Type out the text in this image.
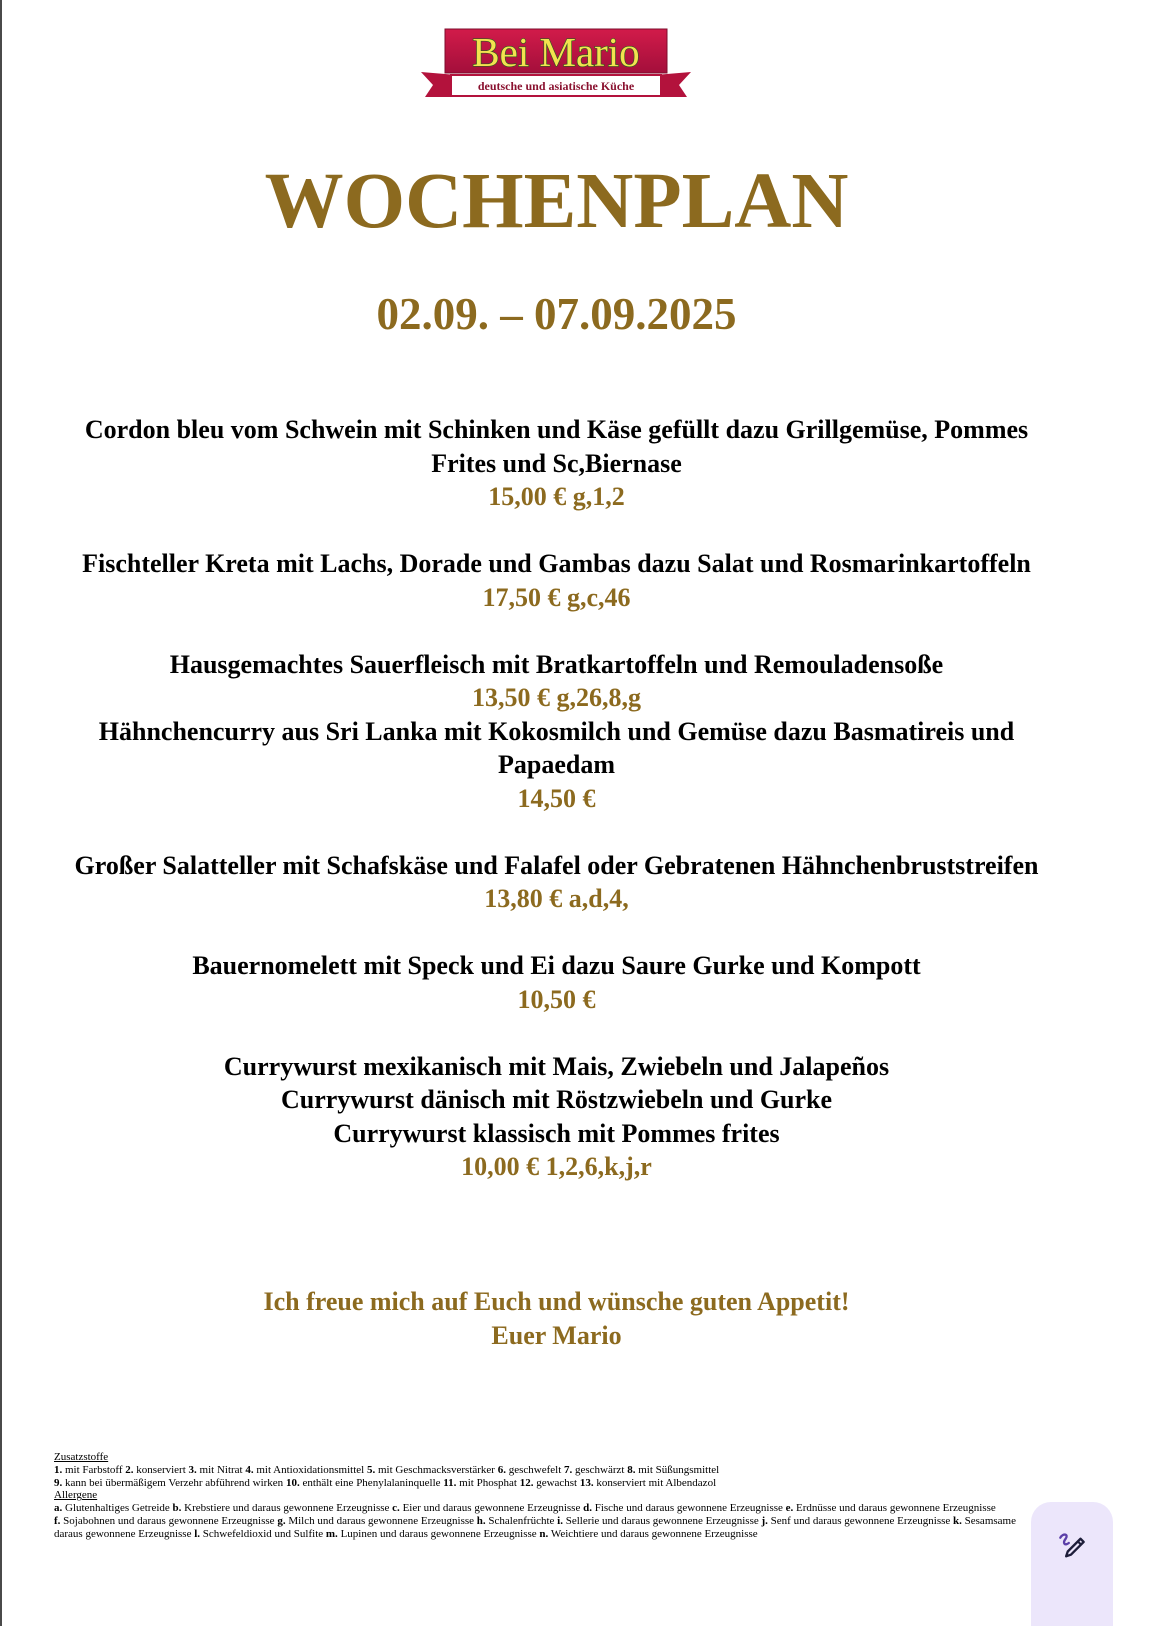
Bei Mario
deutsche und asiatische Küche
WOCHENPLAN
02.09. – 07.09.2025
Cordon bleu vom Schwein mit Schinken und Käse gefüllt dazu Grillgemüse, Pommes
Frites und Sc,Biernase
15,00 € g,1,2
Fischteller Kreta mit Lachs, Dorade und Gambas dazu Salat und Rosmarinkartoffeln
17,50 € g,c,46
Hausgemachtes Sauerfleisch mit Bratkartoffeln und Remouladensoße
13,50 € g,26,8,g
Hähnchencurry aus Sri Lanka mit Kokosmilch und Gemüse dazu Basmatireis und
Papaedam
14,50 €
Großer Salatteller mit Schafskäse und Falafel oder Gebratenen Hähnchenbruststreifen
13,80 € a,d,4,
Bauernomelett mit Speck und Ei dazu Saure Gurke und Kompott
10,50 €
Currywurst mexikanisch mit Mais, Zwiebeln und Jalapeños
Currywurst dänisch mit Röstzwiebeln und Gurke
Currywurst klassisch mit Pommes frites
10,00 € 1,2,6,k,j,r
Ich freue mich auf Euch und wünsche guten Appetit!
Euer Mario
Zusatzstoffe
1. mit Farbstoff 2. konserviert 3. mit Nitrat 4. mit Antioxidationsmittel 5. mit Geschmacksverstärker 6. geschwefelt 7. geschwärzt 8. mit Süßungsmittel
9. kann bei übermäßigem Verzehr abführend wirken 10. enthält eine Phenylalaninquelle 11. mit Phosphat 12. gewachst 13. konserviert mit Albendazol
Allergene
a. Glutenhaltiges Getreide b. Krebstiere und daraus gewonnene Erzeugnisse c. Eier und daraus gewonnene Erzeugnisse d. Fische und daraus gewonnene Erzeugnisse e. Erdnüsse und daraus gewonnene Erzeugnisse
f. Sojabohnen und daraus gewonnene Erzeugnisse g. Milch und daraus gewonnene Erzeugnisse h. Schalenfrüchte i. Sellerie und daraus gewonnene Erzeugnisse j. Senf und daraus gewonnene Erzeugnisse k. Sesamsame
daraus gewonnene Erzeugnisse l. Schwefeldioxid und Sulfite m. Lupinen und daraus gewonnene Erzeugnisse n. Weichtiere und daraus gewonnene Erzeugnisse
